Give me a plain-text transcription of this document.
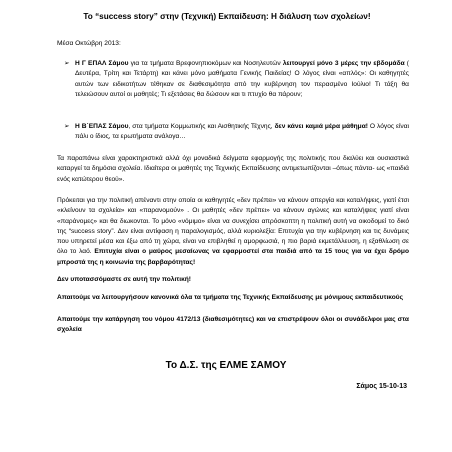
Το “success story” στην (Τεχνική) Εκπαίδευση: Η διάλυση των σχολείων!
Μέσα Οκτώβρη 2013:
➢ Η Γ ΕΠΑΛ Σάμου για τα τμήματα Βρεφονηπιοκόμων και Νοσηλευτών λειτουργεί μόνο 3 μέρες την εβδομάδα ( Δευτέρα, Τρίτη και Τετάρτη) και κάνει μόνο μαθήματα Γενικής Παιδείας! Ο λόγος είναι «απλός»: Οι καθηγητές αυτών των ειδικοτήτων τέθηκαν σε διαθεσιμότητα από την κυβέρνηση τον περασμένο Ιούλιο! Τι τάξη θα τελειώσουν αυτοί οι μαθητές; Τι εξετάσεις θα δώσουν και τι πτυχίο θα πάρουν;
➢ Η Β΄ΕΠΑΣ Σάμου, στα τμήματα Κομμωτικής και Αισθητικής Τέχνης, δεν κάνει καμιά μέρα μάθημα! Ο λόγος είναι πάλι ο ίδιος, τα ερωτήματα ανάλογα…
Τα παραπάνω είναι χαρακτηριστικά αλλά όχι μοναδικά δείγματα εφαρμογής της πολιτικής που διαλύει και ουσιαστικά καταργεί τα δημόσια σχολεία. Ιδιαίτερα οι μαθητές της Τεχνικής Εκπαίδευσης αντιμετωπίζονται –όπως πάντα- ως «παιδιά ενός κατώτερου θεού».
Πρόκειται για την πολιτική απέναντι στην οποία οι καθηγητές «δεν πρέπει» να κάνουν απεργία και καταλήψεις, γιατί έτσι «κλείνουν τα σχολεία» και «παρανομούν» . Οι μαθητές «δεν πρέπει» να κάνουν αγώνες και καταλήψεις γιατί είναι «παράνομες» και θα διωκονται. Το μόνο «νόμιμο» είναι να συνεχίσει απρόσκοπτη η πολιτική αυτή να οικοδομεί το δικό της “success story”. Δεν είναι αντίφαση η παραλογισμός, αλλά κυριολεξία: Επιτυχία για την κυβέρνηση και τις δυνάμεις που υπηρετεί μέσα και έξω από τη χώρα, είναι να επιβληθεί η αμορφωσιά, η πιο βαριά εκμετάλλευση, η εξαθλίωση σε όλο το λαό. Επιτυχία είναι ο μαύρος μεσαίωνας να εφαρμοστεί στα παιδιά από τα 15 τους για να έχει δρόμο μπροστά της η κοινωνία της βαρβαρότητας!
Δεν υποτασσόμαστε σε αυτή την πολιτική!
Απαιτούμε να λειτουργήσουν κανονικά όλα τα τμήματα της Τεχνικής Εκπαίδευσης με μόνιμους εκπαιδευτικούς
Απαιτούμε την κατάργηση του νόμου 4172/13 (διαθεσιμότητες) και να επιστρέψουν όλοι οι συνάδελφοι μας στα σχολεία
Το Δ.Σ. της ΕΛΜΕ ΣΑΜΟΥ
Σάμος 15-10-13
